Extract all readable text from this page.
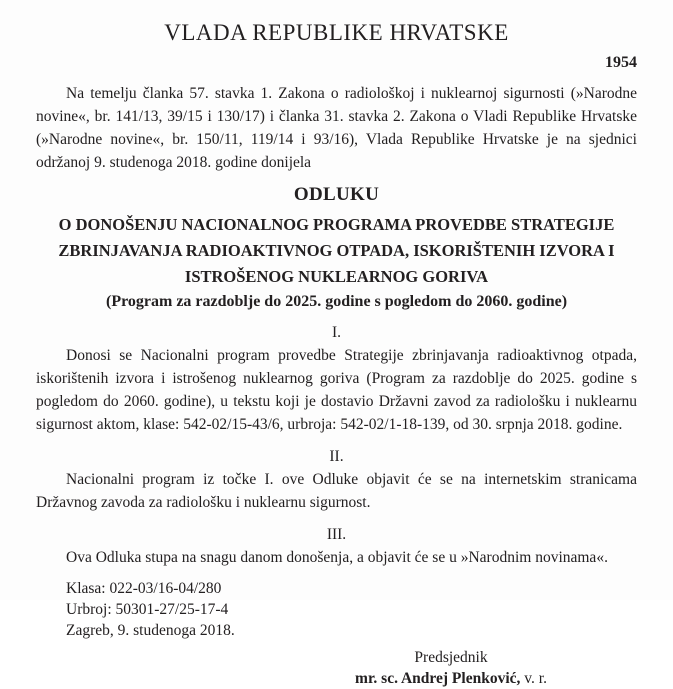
VLADA REPUBLIKE HRVATSKE
1954

Na temelju članka 57. stavka 1. Zakona o radiološkoj i nuklearnoj sigurnosti (»Narodne novine«, br. 141/13, 39/15 i 130/17) i članka 31. stavka 2. Zakona o Vladi Republike Hrvatske (»Narodne novine«, br. 150/11, 119/14 i 93/16), Vlada Republike Hrvatske je na sjednici održanoj 9. studenoga 2018. godine donijela

ODLUKU
O DONOŠENJU NACIONALNOG PROGRAMA PROVEDBE STRATEGIJE ZBRINJAVANJA RADIOAKTIVNOG OTPADA, ISKORIŠTENIH IZVORA I ISTROŠENOG NUKLEARNOG GORIVA
(Program za razdoblje do 2025. godine s pogledom do 2060. godine)
I.

Donosi se Nacionalni program provedbe Strategije zbrinjavanja radioaktivnog otpada, iskorištenih izvora i istrošenog nuklearnog goriva (Program za razdoblje do 2025. godine s pogledom do 2060. godine), u tekstu koji je dostavio Državni zavod za radiološku i nuklearnu sigurnost aktom, klase: 542-02/15-43/6, urbroja: 542-02/1-18-139, od 30. srpnja 2018. godine.

II.

Nacionalni program iz točke I. ove Odluke objavit će se na internetskim stranicama Državnog zavoda za radiološku i nuklearnu sigurnost.

III.

Ova Odluka stupa na snagu danom donošenja, a objavit će se u »Narodnim novinama«.

Klasa: 022-03/16-04/280
Urbroj: 50301-27/25-17-4
Zagreb, 9. studenoga 2018.
Predsjednik
mr. sc. Andrej Plenković, v. r.
